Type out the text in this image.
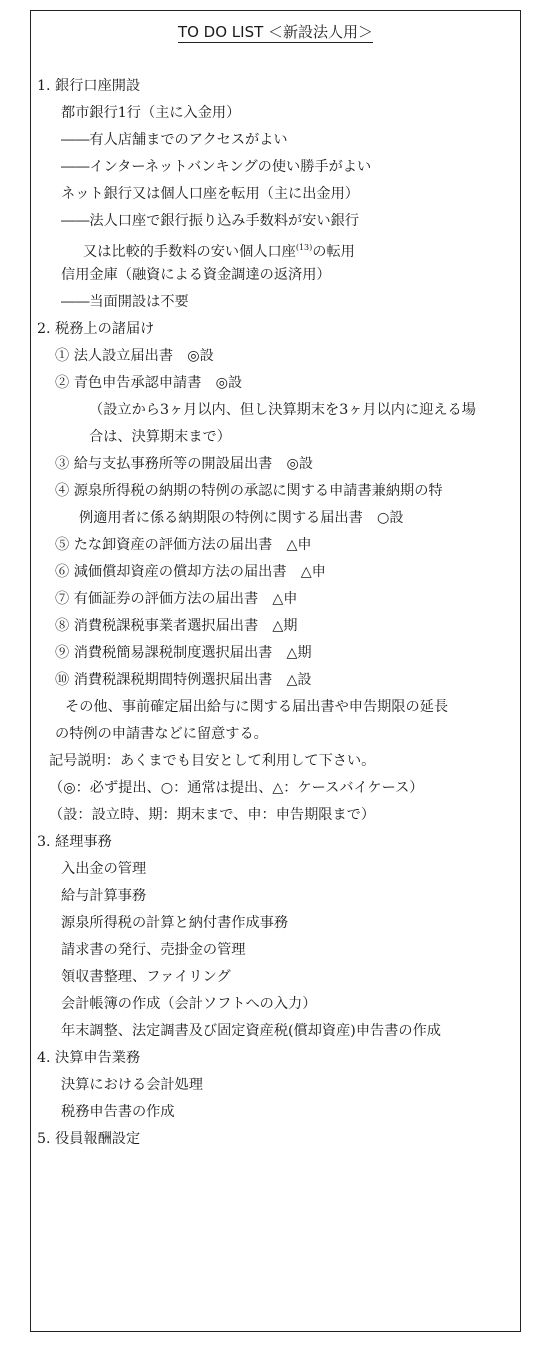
TO DO LIST ＜新設法人用＞
1. 銀行口座開設
都市銀行1行（主に入金用）
――有人店舗までのアクセスがよい
――インターネットバンキングの使い勝手がよい
ネット銀行又は個人口座を転用（主に出金用）
――法人口座で銀行振り込み手数料が安い銀行
又は比較的手数料の安い個人口座$^{(13)}$の転用
信用金庫（融資による資金調達の返済用）
――当面開設は不要
2. 税務上の諸届け
① 法人設立届出書　◎設
② 青色申告承認申請書　◎設
（設立から3ヶ月以内、但し決算期末を3ヶ月以内に迎える場
合は、決算期末まで）
③ 給与支払事務所等の開設届出書　◎設
④ 源泉所得税の納期の特例の承認に関する申請書兼納期の特
例適用者に係る納期限の特例に関する届出書　○設
⑤ たな卸資産の評価方法の届出書　△申
⑥ 減価償却資産の償却方法の届出書　△申
⑦ 有価証券の評価方法の届出書　△申
⑧ 消費税課税事業者選択届出書　△期
⑨ 消費税簡易課税制度選択届出書　△期
⑩ 消費税課税期間特例選択届出書　△設
その他、事前確定届出給与に関する届出書や申告期限の延長
の特例の申請書などに留意する。
記号説明：あくまでも目安として利用して下さい。
（◎：必ず提出、○：通常は提出、△：ケースバイケース）
（設：設立時、期：期末まで、申：申告期限まで）
3. 経理事務
入出金の管理
給与計算事務
源泉所得税の計算と納付書作成事務
請求書の発行、売掛金の管理
領収書整理、ファイリング
会計帳簿の作成（会計ソフトへの入力）
年末調整、法定調書及び固定資産税(償却資産)申告書の作成
4. 決算申告業務
決算における会計処理
税務申告書の作成
5. 役員報酬設定
